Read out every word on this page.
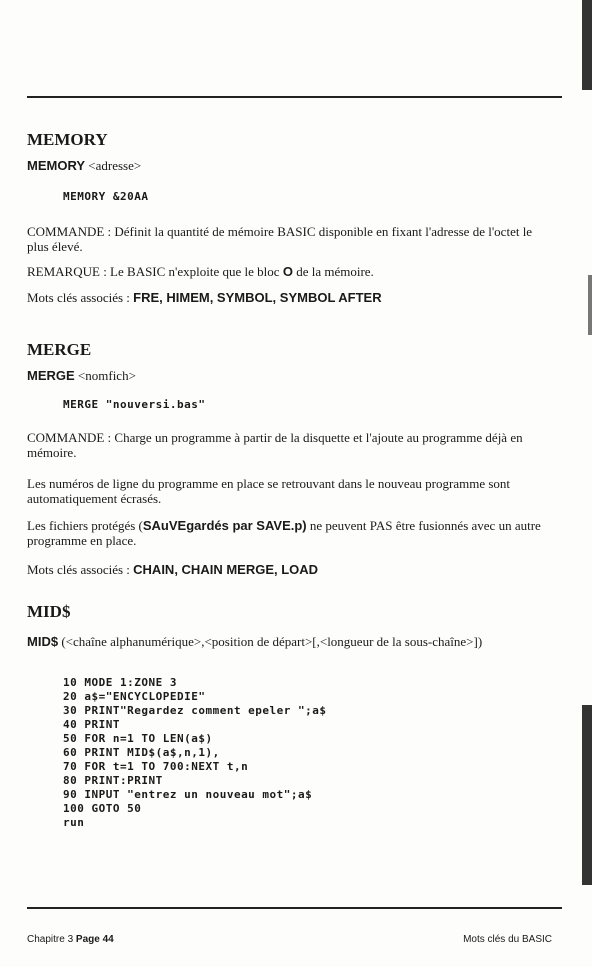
MEMORY
MEMORY <adresse>
MEMORY &20AA

COMMANDE : Définit la quantité de mémoire BASIC disponible en fixant l'adresse de l'octet le plus élevé.

REMARQUE : Le BASIC n'exploite que le bloc O de la mémoire.

Mots clés associés : FRE, HIMEM, SYMBOL, SYMBOL AFTER

MERGE
MERGE <nomfich>
MERGE "nouversi.bas"

COMMANDE : Charge un programme à partir de la disquette et l'ajoute au programme déjà en mémoire.

Les numéros de ligne du programme en place se retrouvant dans le nouveau programme sont automatiquement écrasés.

Les fichiers protégés (SAuVEgardés par SAVE.p) ne peuvent PAS être fusionnés avec un autre programme en place.

Mots clés associés : CHAIN, CHAIN MERGE, LOAD

MID$

MID$ (<chaîne alphanumérique>,<position de départ>[,<longueur de la sous-chaîne>])

10 MODE 1:ZONE 3
20 a$="ENCYCLOPEDIE"
30 PRINT"Regardez comment epeler ";a$
40 PRINT
50 FOR n=1 TO LEN(a$)
60 PRINT MID$(a$,n,1),
70 FOR t=1 TO 700:NEXT t,n
80 PRINT:PRINT
90 INPUT "entrez un nouveau mot";a$
100 GOTO 50
run
Chapitre 3 Page 44	Mots clés du BASIC
